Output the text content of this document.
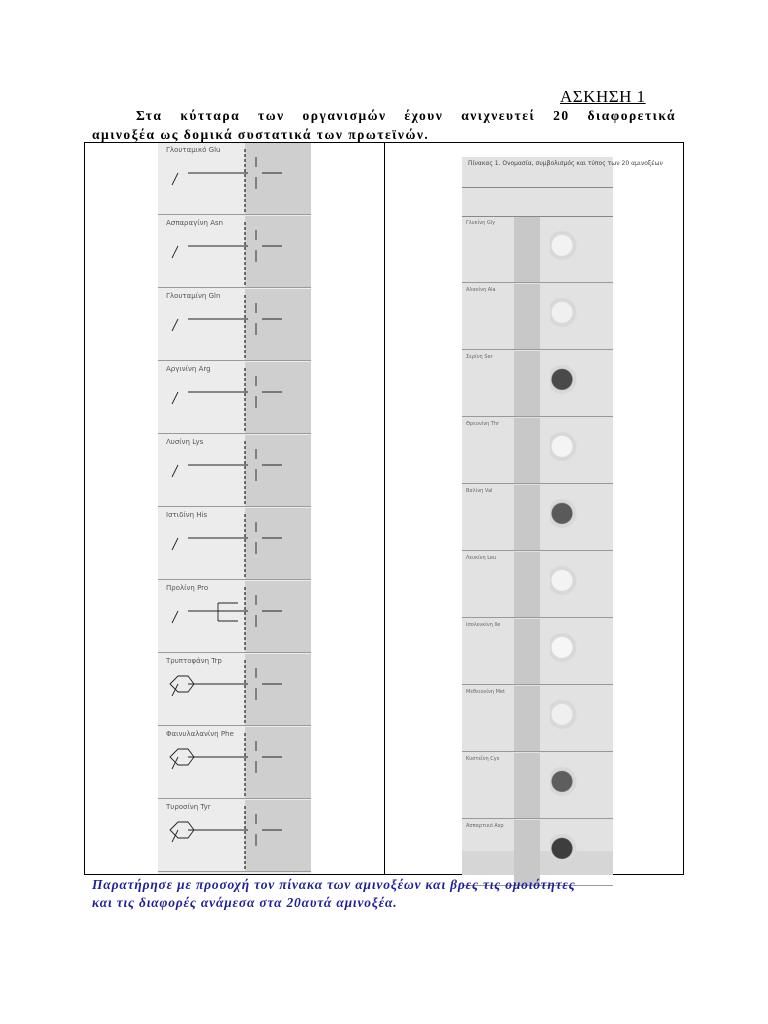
ΑΣΚΗΣΗ 1
Στα κύτταρα των οργανισμών έχουν ανιχνευτεί 20 διαφορετικά
αμινοξέα ως δομικά συστατικά των πρωτεϊνών.
Γλουταμικό Glu
Ασπαραγίνη Asn
Γλουταμίνη Gln
Αργινίνη Arg
Λυσίνη Lys
Ιστιδίνη His
Προλίνη Pro
Τρυπτοφάνη Trp
Φαινυλαλανίνη Phe
Τυροσίνη Tyr
Πίνακας 1. Ονομασία, συμβολισμός και τύπος των 20 αμινοξέων
Γλυκίνη Gly
Αλανίνη Ala
Σερίνη Ser
Θρεονίνη Thr
Βαλίνη Val
Λευκίνη Leu
Ισολευκίνη Ile
Μεθειονίνη Met
Κυστεΐνη Cys
Ασπαρτικό Asp
Παρατήρησε με προσοχή τον πίνακα των αμινοξέων και βρες τις ομοιότητες
και τις διαφορές ανάμεσα στα 20αυτά αμινοξέα.
